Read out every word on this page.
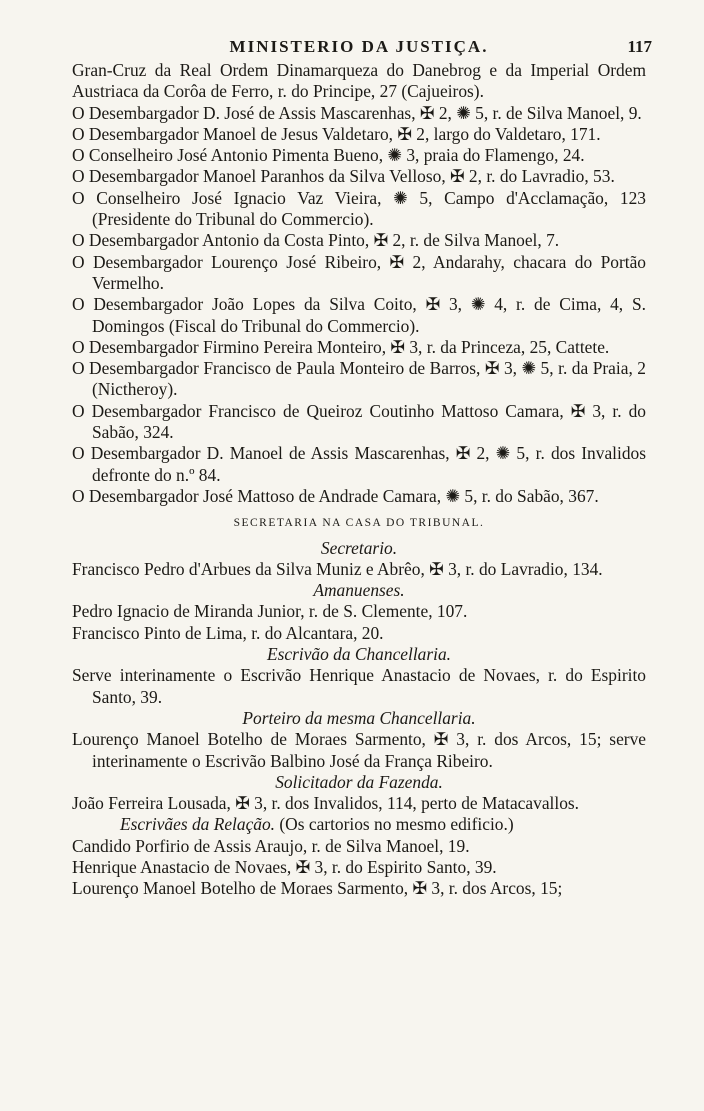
MINISTERIO DA JUSTIÇA.	117

Gran-Cruz da Real Ordem Dinamarqueza do Danebrog e da Imperial Ordem Austriaca da Corôa de Ferro, r. do Principe, 27 (Cajueiros).

O Desembargador D. José de Assis Mascarenhas, ✠ 2, ✺ 5, r. de Silva Manoel, 9.

O Desembargador Manoel de Jesus Valdetaro, ✠ 2, largo do Valdetaro, 171.

O Conselheiro José Antonio Pimenta Bueno, ✺ 3, praia do Flamengo, 24.

O Desembargador Manoel Paranhos da Silva Velloso, ✠ 2, r. do Lavradio, 53.

O Conselheiro José Ignacio Vaz Vieira, ✺ 5, Campo d'Acclamação, 123 (Presidente do Tribunal do Commercio).

O Desembargador Antonio da Costa Pinto, ✠ 2, r. de Silva Manoel, 7.

O Desembargador Lourenço José Ribeiro, ✠ 2, Andarahy, chacara do Portão Vermelho.

O Desembargador João Lopes da Silva Coito, ✠ 3, ✺ 4, r. de Cima, 4, S. Domingos (Fiscal do Tribunal do Commercio).

O Desembargador Firmino Pereira Monteiro, ✠ 3, r. da Princeza, 25, Cattete.

O Desembargador Francisco de Paula Monteiro de Barros, ✠ 3, ✺ 5, r. da Praia, 2 (Nictheroy).

O Desembargador Francisco de Queiroz Coutinho Mattoso Camara, ✠ 3, r. do Sabão, 324.

O Desembargador D. Manoel de Assis Mascarenhas, ✠ 2, ✺ 5, r. dos Invalidos defronte do n.º 84.

O Desembargador José Mattoso de Andrade Camara, ✺ 5, r. do Sabão, 367.

SECRETARIA NA CASA DO TRIBUNAL.

Secretario.

Francisco Pedro d'Arbues da Silva Muniz e Abrêo, ✠ 3, r. do Lavradio, 134.

Amanuenses.

Pedro Ignacio de Miranda Junior, r. de S. Clemente, 107.

Francisco Pinto de Lima, r. do Alcantara, 20.

Escrivão da Chancellaria.

Serve interinamente o Escrivão Henrique Anastacio de Novaes, r. do Espirito Santo, 39.

Porteiro da mesma Chancellaria.

Lourenço Manoel Botelho de Moraes Sarmento, ✠ 3, r. dos Arcos, 15; serve interinamente o Escrivão Balbino José da França Ribeiro.

Solicitador da Fazenda.

João Ferreira Lousada, ✠ 3, r. dos Invalidos, 114, perto de Matacavallos.

Escrivães da Relação. (Os cartorios no mesmo edificio.)

Candido Porfirio de Assis Araujo, r. de Silva Manoel, 19.

Henrique Anastacio de Novaes, ✠ 3, r. do Espirito Santo, 39.

Lourenço Manoel Botelho de Moraes Sarmento, ✠ 3, r. dos Arcos, 15;
